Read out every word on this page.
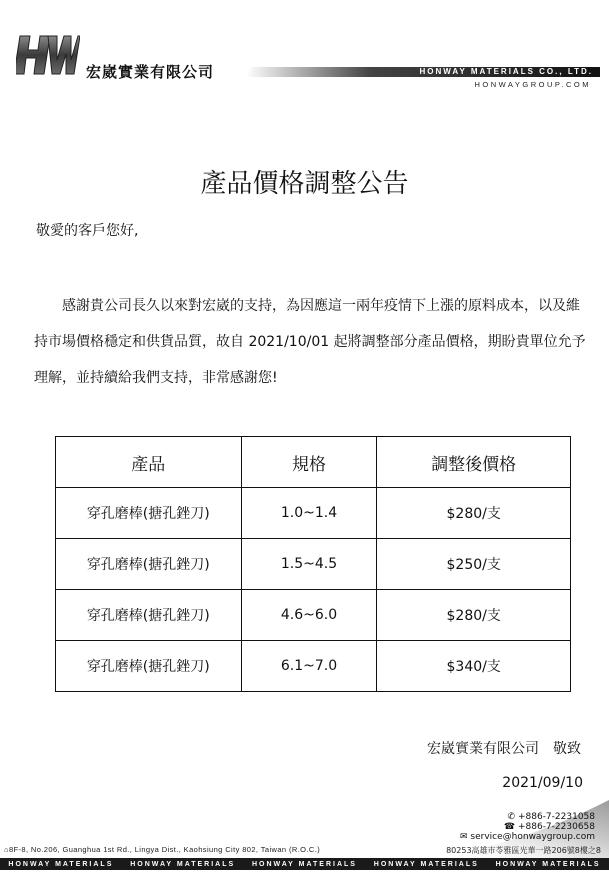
宏崴實業有限公司	HONWAY MATERIALS CO., LTD.
HONWAYGROUP.COM
產品價格調整公告
敬愛的客戶您好,

感謝貴公司長久以來對宏崴的支持，為因應這一兩年疫情下上漲的原料成本，以及維持市場價格穩定和供貨品質，故自 2021/10/01 起將調整部分產品價格，期盼貴單位允予理解，並持續給我們支持，非常感謝您!

產品	規格	調整後價格
穿孔磨棒(搪孔銼刀)	1.0~1.4	$280/支
穿孔磨棒(搪孔銼刀)	1.5~4.5	$250/支
穿孔磨棒(搪孔銼刀)	4.6~6.0	$280/支
穿孔磨棒(搪孔銼刀)	6.1~7.0	$340/支
宏崴實業有限公司　敬致
2021/09/10
✆ +886-7-2231058
☎ +886-7-2230658
✉ service@honwaygroup.com
⌂8F-8, No.206, Guanghua 1st Rd., Lingya Dist., Kaohsiung City 802, Taiwan (R.O.C.)	80253高雄市苓雅區光華一路206號8樓之8
HONWAY MATERIALS HONWAY MATERIALS HONWAY MATERIALS HONWAY MATERIALS HONWAY MATERIALS
